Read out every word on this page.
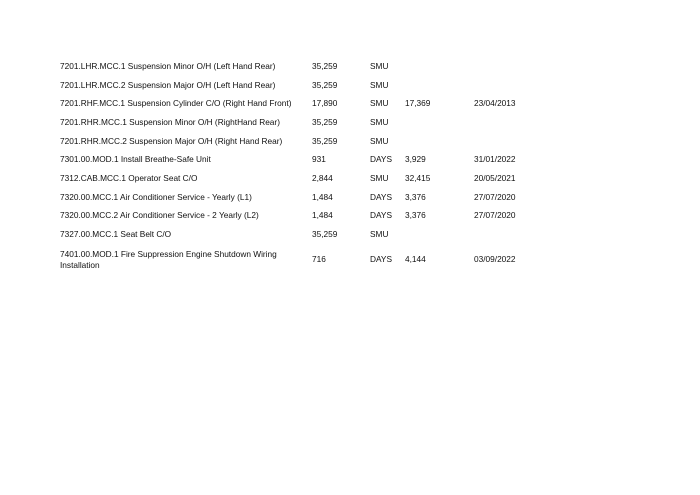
7201.LHR.MCC.1 Suspension Minor O/H (Left Hand Rear)	35,259	SMU		
7201.LHR.MCC.2 Suspension Major O/H (Left Hand Rear)	35,259	SMU		
7201.RHF.MCC.1 Suspension Cylinder C/O (Right Hand Front)	17,890	SMU	17,369	23/04/2013
7201.RHR.MCC.1 Suspension Minor O/H (RightHand Rear)	35,259	SMU		
7201.RHR.MCC.2 Suspension Major O/H (Right Hand Rear)	35,259	SMU		
7301.00.MOD.1 Install Breathe-Safe Unit	931	DAYS	3,929	31/01/2022
7312.CAB.MCC.1 Operator Seat C/O	2,844	SMU	32,415	20/05/2021
7320.00.MCC.1 Air Conditioner Service - Yearly (L1)	1,484	DAYS	3,376	27/07/2020
7320.00.MCC.2 Air Conditioner Service - 2 Yearly (L2)	1,484	DAYS	3,376	27/07/2020
7327.00.MCC.1 Seat Belt C/O	35,259	SMU		
7401.00.MOD.1 Fire Suppression Engine Shutdown Wiring Installation	716	DAYS	4,144	03/09/2022
